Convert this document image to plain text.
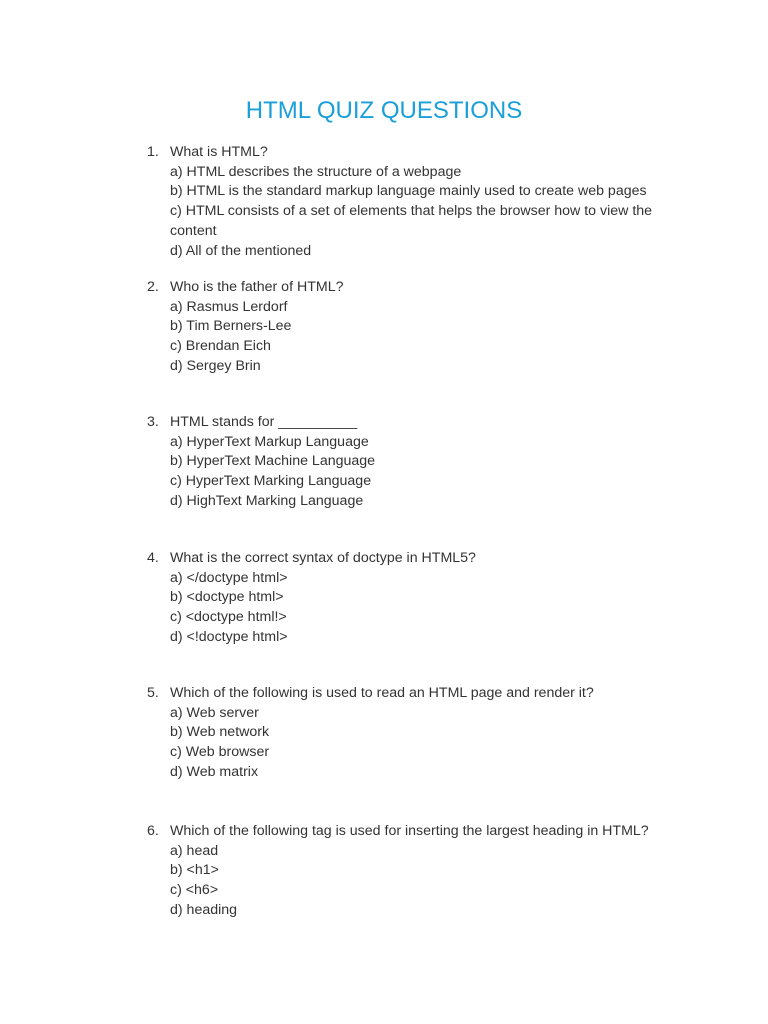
HTML QUIZ QUESTIONS
1. What is HTML?
a) HTML describes the structure of a webpage
b) HTML is the standard markup language mainly used to create web pages
c) HTML consists of a set of elements that helps the browser how to view the content
d) All of the mentioned
2. Who is the father of HTML?
a) Rasmus Lerdorf
b) Tim Berners-Lee
c) Brendan Eich
d) Sergey Brin
3. HTML stands for __________
a) HyperText Markup Language
b) HyperText Machine Language
c) HyperText Marking Language
d) HighText Marking Language
4. What is the correct syntax of doctype in HTML5?
a) </doctype html>
b) <doctype html>
c) <doctype html!>
d) <!doctype html>
5. Which of the following is used to read an HTML page and render it?
a) Web server
b) Web network
c) Web browser
d) Web matrix
6. Which of the following tag is used for inserting the largest heading in HTML?
a) head
b) <h1>
c) <h6>
d) heading
